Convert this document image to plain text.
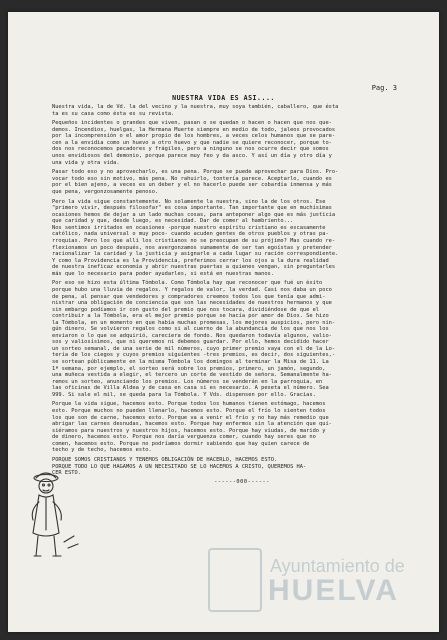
Pag. 3
NUESTRA VIDA ES ASI....
Nuestra vida, la de Vd. la del vecino y la nuestra, muy soya también, caballero, que ésta
ta es su casa como ésta es su revista.
Pequeños incidentes o grandes que viven, pasan o se quedan o hacen o hacen que nos que-
demos. Incendios, huelgas, la Hermana Muerte siempre en medio de todo, jaleos provocados
por la incomprensión o el amor propio de los hombres, a veces celos humanos que se pare-
cen a la envidia como un huevo a otro huevo y que nadie se quiere reconocer, porque to-
dos nos reconocemos pecadores y frágiles, pero a ninguno se nos ocurre decir que somos
unos envidiosos del demonio, porque parece muy feo y da asco. Y así un día y otro día y
una vida y otra vida.
Pasar todo eso y no aprovecharlo, es una pena. Porque se puede aprovechar para Dios. Pro-
vocar todo eso sin motivo, más pena. No rahuirlo, tontería parece. Aceptarlo, cuando es
por el bien ajeno, a veces es un deber y el no hacerlo puede ser cobardía inmensa y más
que pena, vergonzosamente penoso.
Pero la vida sigue constantemente. No solamente la nuestra, sino la de los otros. Ese
"primero vivir, después filosofar" es cosa importante. Tan importante que en muchísimas
ocasiones hemos de dejar a un lado muchas cosas, para anteponer algo que es más justicia
que caridad y que, desde luego, es necesidad. Dar de comer al hambriento...
Nos sentimos irritados en ocasiones -porque nuestro espíritu cristiano es escasamente
católico, nada universal o muy poco- cuando acuden gentes de otros pueblos y otras pa-
rroquias. Pero los que allí los cristianos no se preocupan de su prójimo? Mas cuando re-
flexionamos un poco después, nos avergonzamos sumamente de ser tan egoístas y pretender
racionalizar la caridad y la justicia y asignarle a cada lugar su ración correspondiente.
Y como la Providencia es la Providencia, preferimos cerrar los ojos a la dura realidad
de nuestra ineficaz economía y abrir nuestras puertas a quienes vengan, sin preguntarles
más que lo necesario para poder ayudarles, si está en nuestras manos.
Por eso se hizo esta última Tómbola. Como Tómbola hay que reconocer que fué un éxito
porque hubo una lluvia de regalos. Y regalos de valor, la verdad. Casi nos daba un poco
de pena, al pensar que vendedores y compradores creemos todos los que tenía que admi-
nistrar una obligación de conciencia que son las necesidades de nuestros hermanos y que
sin embargo podíamos ir con gusto del premio que nos tocara, dividiéndose de que el
contribuir a la Tómbola, era el mejor premio porque se hacía por amor de Dios. Se hizo
la Tómbola, en un momento en que había muchas promesas, los mejores auspicios, pero nin-
gún dinero. Se volvieron regalos como si al cuerno de la abundancia de los que nos los
enviaron o lo que se adquirió, careciera de fondo. Nos quedaron todavía algunos, valio-
sos y valiosísimos, que ni queremos ni debemos guardar. Por ello, hemos decidido hacer
un sorteo semanal, de una serie de mil números, cuyo primer premio vaya con el de la Lo-
tería de los ciegos y cuyos premios siguientes -tres premios, es decir, dos siguientes,-
se sortean públicamente en la misma Tómbola los domingos al terminar la Misa de 11. La
1ª semana, por ejemplo, el sorteo será sobre los premios, primero, un jamón, segundo,
una muñeca vestida a elegir, el tercero un corte de vestido de señora. Semanalmente ha-
remos un sorteo, anunciando los premios. Los números se venderán en la parroquia, en
las oficinas de Villa Aldea y de casa en casa si es necesario. A peseta el número. Sea
999. Si sale el mil, se queda para la Tómbola. Y Vds. dispensen por ello. Gracias.
Porque la vida sigue, hacemos esto. Porque todos los humanos tienen estómago, hacemos
esto. Porque muchos no pueden llenarlo, hacemos esto. Porque el frío lo sienten todos
los que son de carne, hacemos esto. Porque va a venir el frío y no hay más remedio que
abrigar las carnes desnudas, hacemos esto. Porque hay enfermos sin la atención que qui-
siéramos para nuestros y nuestros hijos, hacemos esto. Porque hay viudas, de marido y
de dinero, hacemos esto. Porque nos daría verguenza comer, cuando hay seres que no
comen, hacemos esto. Porque no podríamos dormir sabiendo que hay quien carece de
techo y de techo, hacemos esto.
PORQUE SOMOS CRISTIANOS Y TENEMOS OBLIGACIÓN DE HACERLO, HACEMOS ESTO.
PORQUE TODO LO QUE HAGAMOS A UN NECESITADO SE LO HACEMOS A CRISTO, QUEREMOS HA-
CER ESTO.
------000------
Ayuntamiento de
HUELVA
